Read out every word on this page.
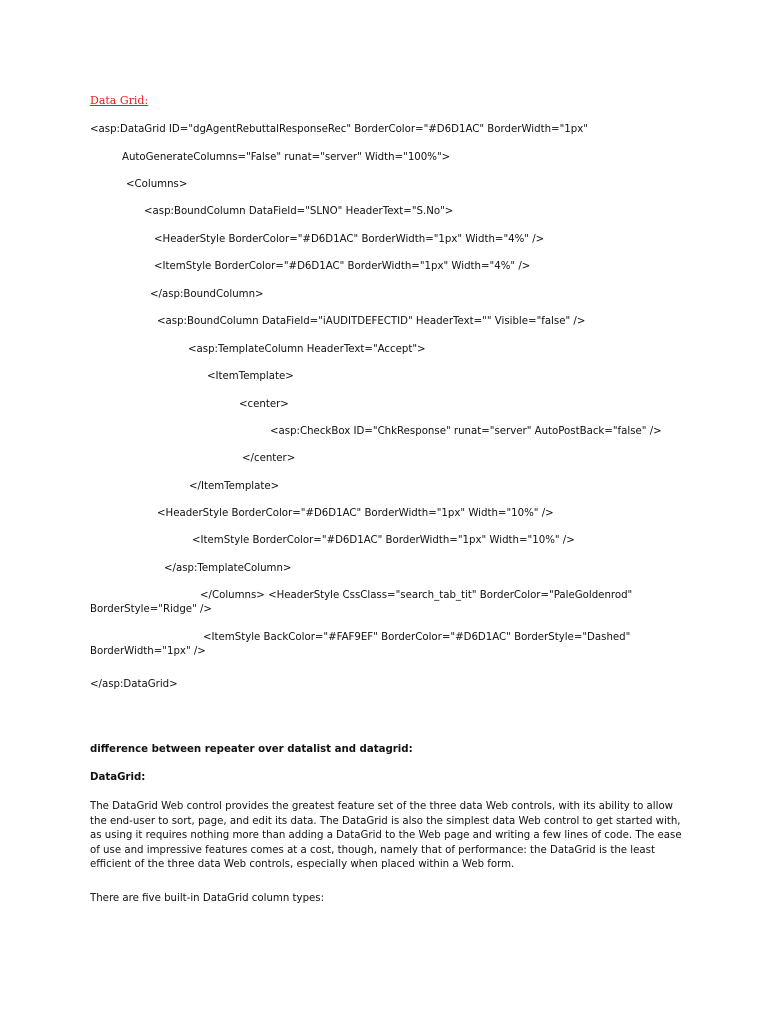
Data Grid:
<asp:DataGrid ID="dgAgentRebuttalResponseRec" BorderColor="#D6D1AC" BorderWidth="1px"
AutoGenerateColumns="False" runat="server" Width="100%">
<Columns>
<asp:BoundColumn DataField="SLNO" HeaderText="S.No">
<HeaderStyle BorderColor="#D6D1AC" BorderWidth="1px" Width="4%" />
<ItemStyle BorderColor="#D6D1AC" BorderWidth="1px" Width="4%" />
</asp:BoundColumn>
<asp:BoundColumn DataField="iAUDITDEFECTID" HeaderText="" Visible="false" />
<asp:TemplateColumn HeaderText="Accept">
<ItemTemplate>
<center>
<asp:CheckBox ID="ChkResponse" runat="server" AutoPostBack="false" />
</center>
</ItemTemplate>
<HeaderStyle BorderColor="#D6D1AC" BorderWidth="1px" Width="10%" />
<ItemStyle BorderColor="#D6D1AC" BorderWidth="1px" Width="10%" />
</asp:TemplateColumn>
</Columns> <HeaderStyle CssClass="search_tab_tit" BorderColor="PaleGoldenrod"
BorderStyle="Ridge" />
<ItemStyle BackColor="#FAF9EF" BorderColor="#D6D1AC" BorderStyle="Dashed"
BorderWidth="1px" />
</asp:DataGrid>
difference between repeater over datalist and datagrid:
DataGrid:
The DataGrid Web control provides the greatest feature set of the three data Web controls, with its ability to allow the end-user to sort, page, and edit its data. The DataGrid is also the simplest data Web control to get started with, as using it requires nothing more than adding a DataGrid to the Web page and writing a few lines of code. The ease of use and impressive features comes at a cost, though, namely that of performance: the DataGrid is the least efficient of the three data Web controls, especially when placed within a Web form.
There are five built-in DataGrid column types:
